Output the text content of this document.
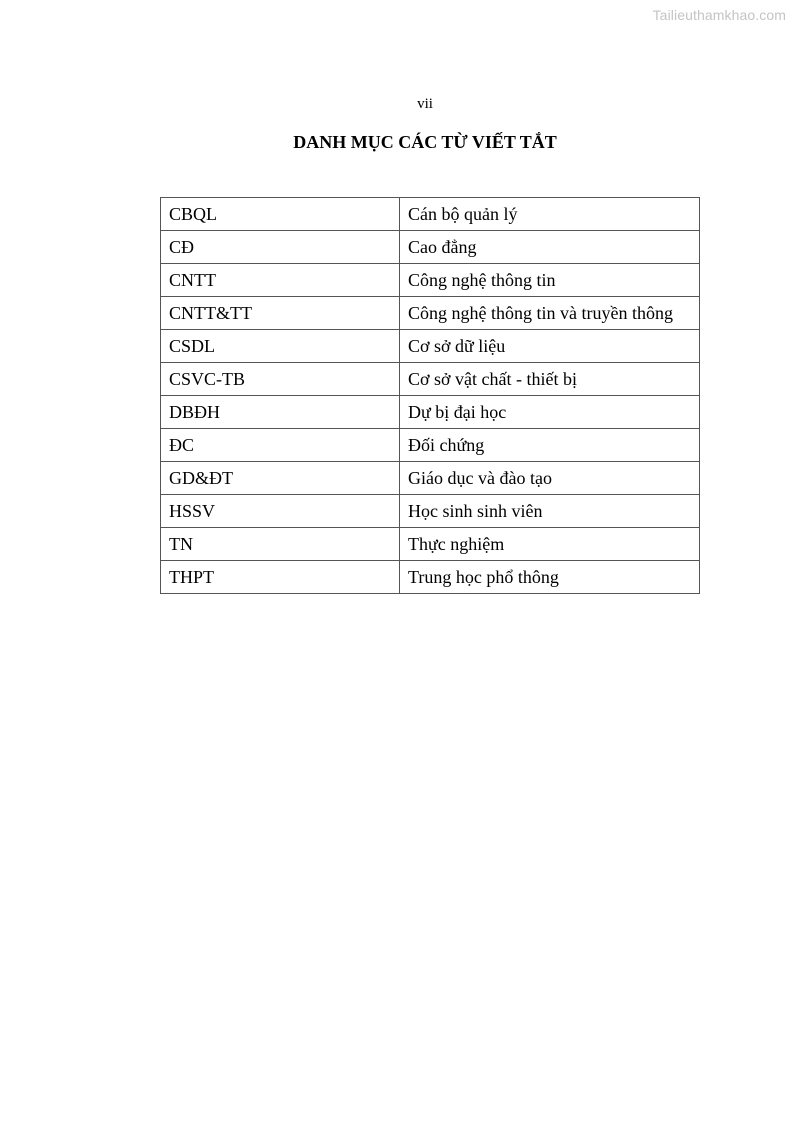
Tailieuthamkhao.com
vii
DANH MỤC CÁC TỪ VIẾT TẮT
CBQL	Cán bộ quản lý
CĐ	Cao đẳng
CNTT	Công nghệ thông tin
CNTT&TT	Công nghệ thông tin và truyền thông
CSDL	Cơ sở dữ liệu
CSVC-TB	Cơ sở vật chất - thiết bị
DBĐH	Dự bị đại học
ĐC	Đối chứng
GD&ĐT	Giáo dục và đào tạo
HSSV	Học sinh sinh viên
TN	Thực nghiệm
THPT	Trung học phổ thông
